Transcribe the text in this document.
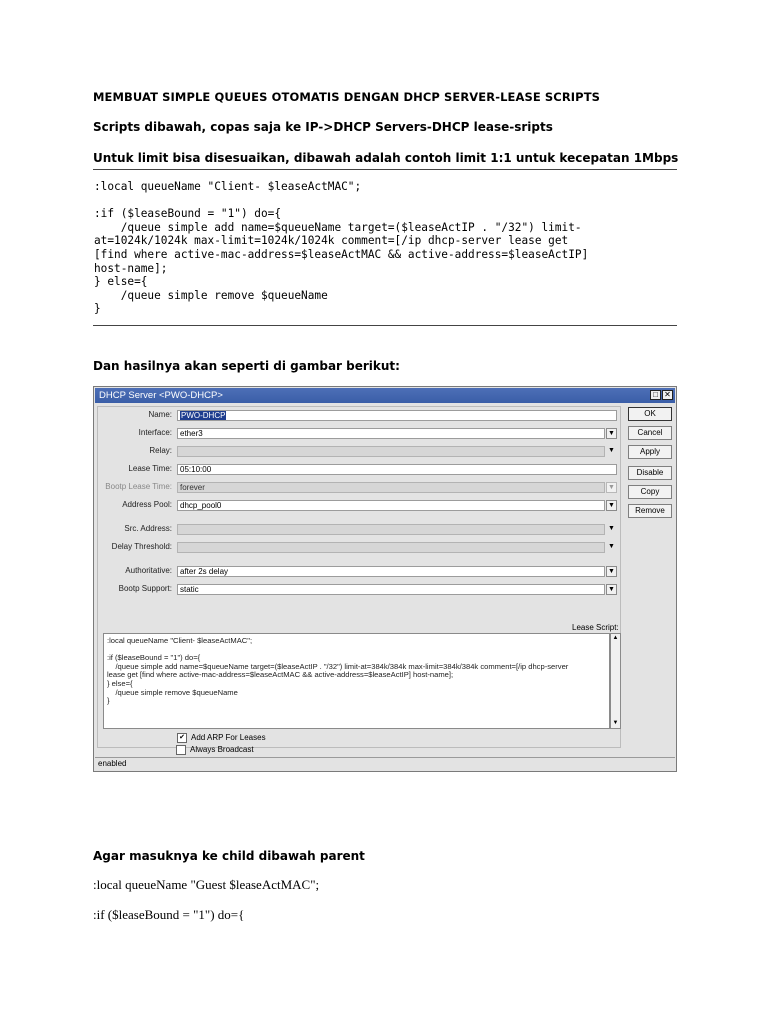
MEMBUAT SIMPLE QUEUES OTOMATIS DENGAN DHCP SERVER-LEASE SCRIPTS
Scripts dibawah, copas saja ke IP->DHCP Servers-DHCP lease-sripts
Untuk limit bisa disesuaikan, dibawah adalah contoh limit 1:1 untuk kecepatan 1Mbps
:local queueName "Client- $leaseActMAC";
:if ($leaseBound = "1") do={
/queue simple add name=$queueName target=($leaseActIP . "/32") limit-
at=1024k/1024k max-limit=1024k/1024k comment=[/ip dhcp-server lease get
[find where active-mac-address=$leaseActMAC && active-address=$leaseActIP]
host-name];
} else={
/queue simple remove $queueName
}
Dan hasilnya akan seperti di gambar berikut:
DHCP Server <PWO-DHCP>	□ ✕
Name:	PWO-DHCP
Interface:	ether3	▼
Relay:	▼
Lease Time:	05:10:00
Bootp Lease Time:	forever	▼
Address Pool:	dhcp_pool0	▼
Src. Address:	▼
Delay Threshold:	▼
Authoritative:	after 2s delay	▼
Bootp Support:	static	▼
Lease Script:
:local queueName "Client- $leaseActMAC";
:if ($leaseBound = "1") do={
/queue simple add name=$queueName target=($leaseActIP . "/32") limit-at=384k/384k max-limit=384k/384k comment=[/ip dhcp-server
lease get [find where active-mac-address=$leaseActMAC && active-address=$leaseActIP] host-name];
} else={
/queue simple remove $queueName
}
▲
▼
✔ Add ARP For Leases
Always Broadcast
OK
Cancel
Apply
Disable
Copy
Remove
enabled
Agar masuknya ke child dibawah parent
:local queueName "Guest $leaseActMAC";
:if ($leaseBound = "1") do={
